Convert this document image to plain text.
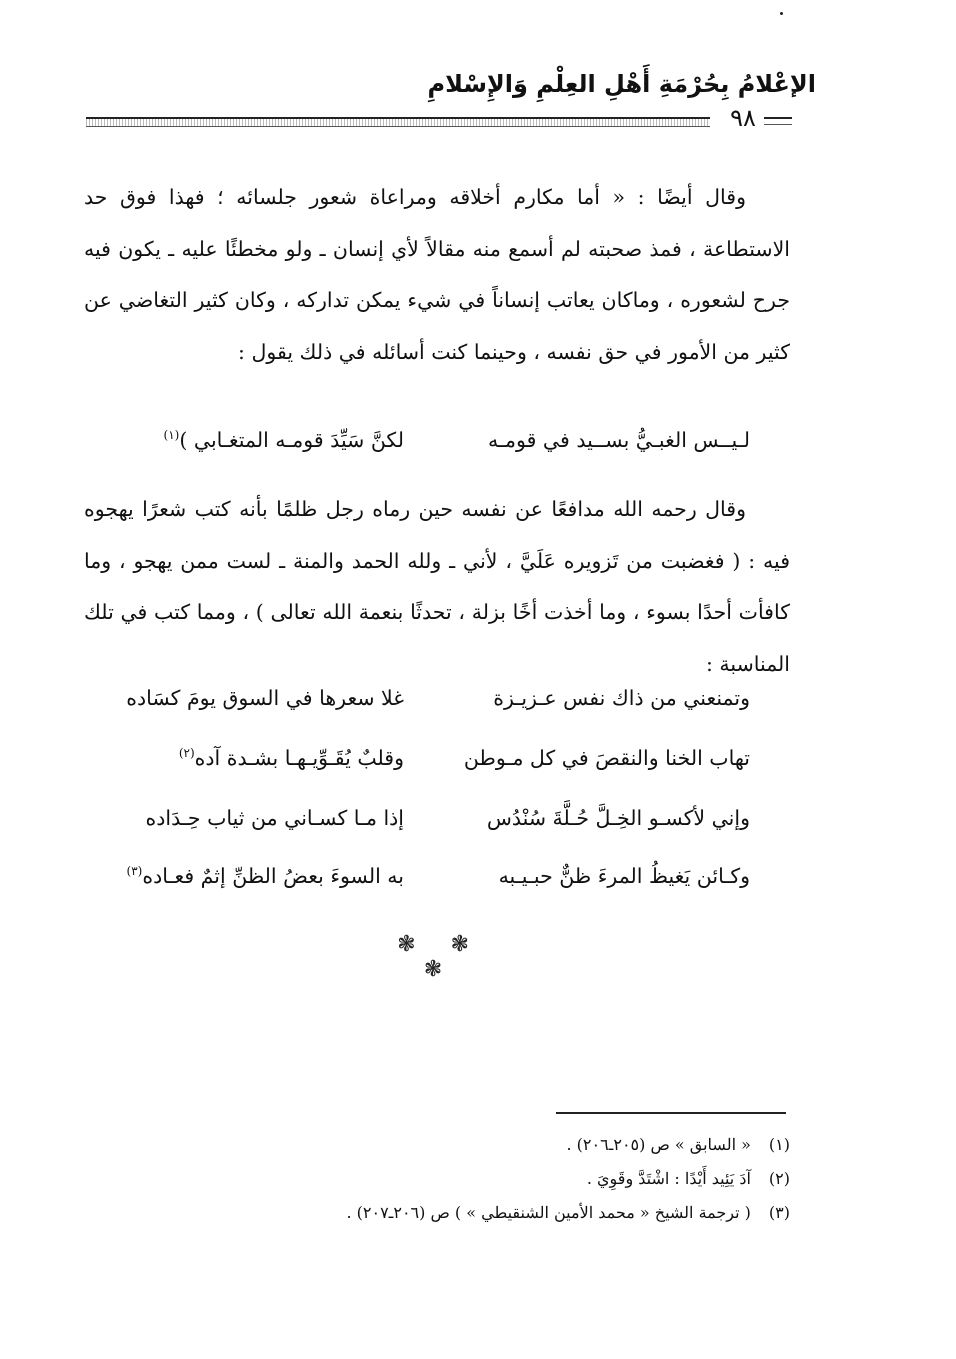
الإعْلامُ بِحُرْمَةِ أَهْلِ العِلْمِ وَالإِسْلامِ
٩٨

وقال أيضًا : « أما مكارم أخلاقه ومراعاة شعور جلسائه ؛ فهذا فوق حد الاستطاعة ، فمذ صحبته لم أسمع منه مقالاً لأي إنسان ـ ولو مخطئًا عليه ـ يكون فيه جرح لشعوره ، وماكان يعاتب إنساناً في شيء يمكن تداركه ، وكان كثير التغاضي عن كثير من الأمور في حق نفسه ، وحينما كنت أسائله في ذلك يقول :

لـيــس الغبـيُّ بســيد في قومـه
لكنَّ سَيِّدَ قومـه المتغـابي )$^{(١)}$

وقال رحمه الله مدافعًا عن نفسه حين رماه رجل ظلمًا بأنه كتب شعرًا يهجوه فيه : ( فغضبت من تَزويره عَلَيَّ ، لأني ـ ولله الحمد والمنة ـ لست ممن يهجو ، وما كافأت أحدًا بسوء ، وما أخذت أخًا بزلة ، تحدثًا بنعمة الله تعالى ) ، ومما كتب في تلك المناسبة :

وتمنعني من ذاك نفس عـزيـزة
غلا سعرها في السوق يومَ كسَاده
تهاب الخنا والنقصَ في كل مـوطن
وقلبٌ يُقَـوِّيـهـا بشـدة آده$^{(٢)}$
وإني لأكسـو الخِـلَّ حُـلَّةَ سُنْدُس
إذا مـا كسـاني من ثياب حِـدَاده
وكـائن يَغيظُ المرءَ ظنٌّ حبـيـبه
به السوءَ بعضُ الظنِّ إثمٌ فعـاده$^{(٣)}$
❃ ❃ ❃
(١) « السابق » ص (٢٠٥ـ٢٠٦) .
(٢) آدَ يَئِيد أَيْدًا : اشْتَدَّ وقَوِيَ .
(٣) ( ترجمة الشيخ « محمد الأمين الشنقيطي » ) ص (٢٠٦ـ٢٠٧) .
